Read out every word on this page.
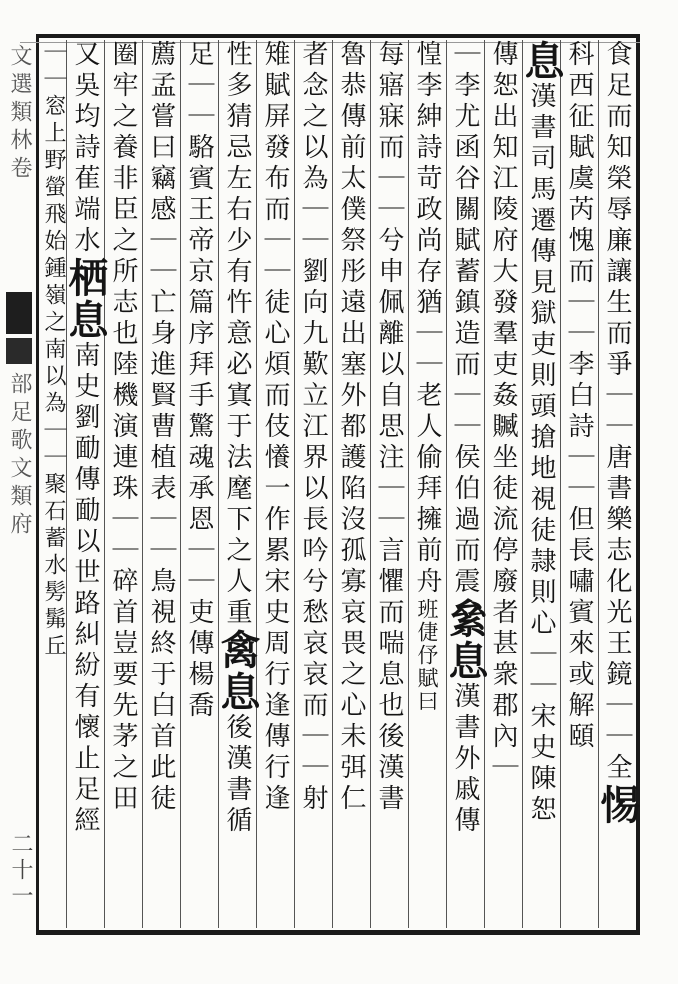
文選類林卷
部足歌文類府
二十一
食足而知榮辱廉讓生而爭｜｜唐書樂志化光王鏡｜｜全惕
科西征賦虞芮愧而｜｜李白詩｜｜但長嘯賓來或解頤
息漢書司馬遷傳見獄吏則頭搶地視徒隷則心｜｜宋史陳恕
傳恕出知江陵府大發羣吏姦贓坐徒流停廢者甚衆郡內｜
｜李尤函谷關賦蓄鎮造而｜｜侯伯過而震絫息漢書外戚傳
惶李紳詩苛政尚存猶｜｜老人偷拜擁前舟班倢伃賦曰
每寤寐而｜｜兮申佩離以自思注｜｜言懼而喘息也後漢書
魯恭傳前太僕祭彤遠出塞外都護陷沒孤寡哀畏之心未弭仁
者念之以為｜｜劉向九歎立江界以長吟兮愁哀哀而｜｜射
雉賦屏發布而｜｜徒心煩而伎懩一作累宋史周行逢傳行逢
性多猜忌左右少有忤意必寘于法麾下之人重禽息後漢書循
足｜｜駱賓王帝京篇序拜手驚魂承恩｜｜吏傳楊喬
薦孟嘗曰竊感｜｜亡身進賢曹植表｜｜鳥視終于白首此徒
圈牢之養非臣之所志也陸機演連珠｜｜碎首豈要先茅之田
又吳均詩萑端水栖息南史劉勔傳勔以世路糾紛有懷止足經
｜｜窓上野螢飛始鍾嶺之南以為｜｜聚石蓄水髣髴丘
